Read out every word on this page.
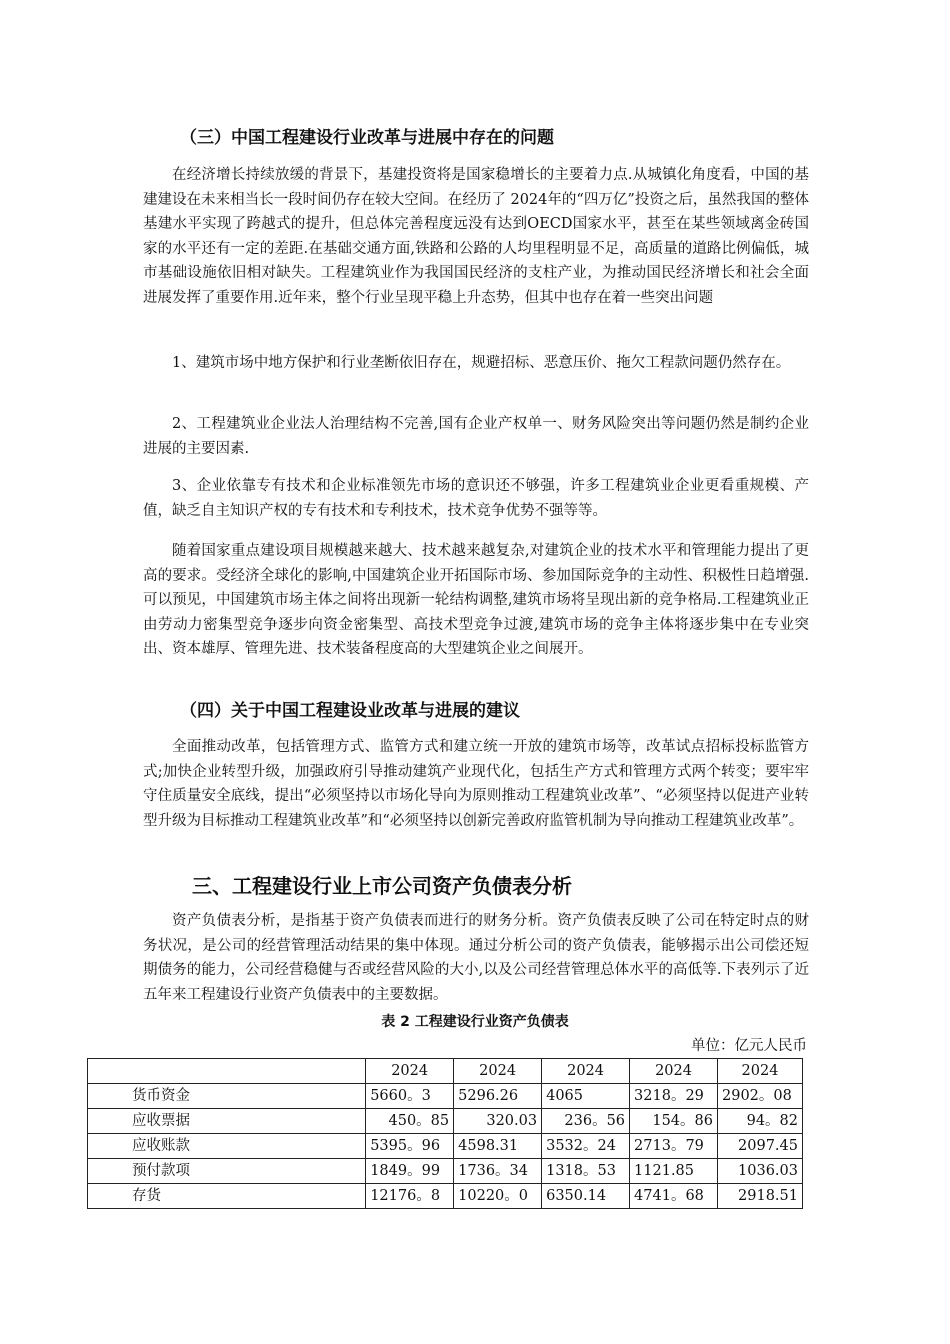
（三）中国工程建设行业改革与进展中存在的问题

在经济增长持续放缓的背景下，基建投资将是国家稳增长的主要着力点.从城镇化角度看，中国的基建建设在未来相当长一段时间仍存在较大空间。在经历了 2024年的“四万亿”投资之后，虽然我国的整体基建水平实现了跨越式的提升，但总体完善程度远没有达到OECD国家水平，甚至在某些领域离金砖国家的水平还有一定的差距.在基础交通方面,铁路和公路的人均里程明显不足，高质量的道路比例偏低，城市基础设施依旧相对缺失。工程建筑业作为我国国民经济的支柱产业，为推动国民经济增长和社会全面进展发挥了重要作用.近年来，整个行业呈现平稳上升态势，但其中也存在着一些突出问题

1、建筑市场中地方保护和行业垄断依旧存在，规避招标、恶意压价、拖欠工程款问题仍然存在。

2、工程建筑业企业法人治理结构不完善,国有企业产权单一、财务风险突出等问题仍然是制约企业进展的主要因素.

3、企业依靠专有技术和企业标准领先市场的意识还不够强，许多工程建筑业企业更看重规模、产值，缺乏自主知识产权的专有技术和专利技术，技术竞争优势不强等等。

随着国家重点建设项目规模越来越大、技术越来越复杂,对建筑企业的技术水平和管理能力提出了更高的要求。受经济全球化的影响,中国建筑企业开拓国际市场、参加国际竞争的主动性、积极性日趋增强.可以预见，中国建筑市场主体之间将出现新一轮结构调整,建筑市场将呈现出新的竞争格局.工程建筑业正由劳动力密集型竞争逐步向资金密集型、高技术型竞争过渡,建筑市场的竞争主体将逐步集中在专业突出、资本雄厚、管理先进、技术装备程度高的大型建筑企业之间展开。

（四）关于中国工程建设业改革与进展的建议

全面推动改革，包括管理方式、监管方式和建立统一开放的建筑市场等，改革试点招标投标监管方式;加快企业转型升级，加强政府引导推动建筑产业现代化，包括生产方式和管理方式两个转变；要牢牢守住质量安全底线，提出“必须坚持以市场化导向为原则推动工程建筑业改革”、“必须坚持以促进产业转型升级为目标推动工程建筑业改革”和“必须坚持以创新完善政府监管机制为导向推动工程建筑业改革”。

三、工程建设行业上市公司资产负债表分析

资产负债表分析，是指基于资产负债表而进行的财务分析。资产负债表反映了公司在特定时点的财务状况，是公司的经营管理活动结果的集中体现。通过分析公司的资产负债表，能够揭示出公司偿还短期债务的能力，公司经营稳健与否或经营风险的大小,以及公司经营管理总体水平的高低等.下表列示了近五年来工程建设行业资产负债表中的主要数据。

表 2 工程建设行业资产负债表
单位：亿元人民币
	2024	2024	2024	2024	2024
货币资金	5660。3	5296.26	4065	3218。29	2902。08
应收票据	450。85	320.03	236。56	154。86	94。82
应收账款	5395。96	4598.31	3532。24	2713。79	2097.45
预付款项	1849。99	1736。34	1318。53	1121.85	1036.03
存货	12176。8	10220。0	6350.14	4741。68	2918.51
